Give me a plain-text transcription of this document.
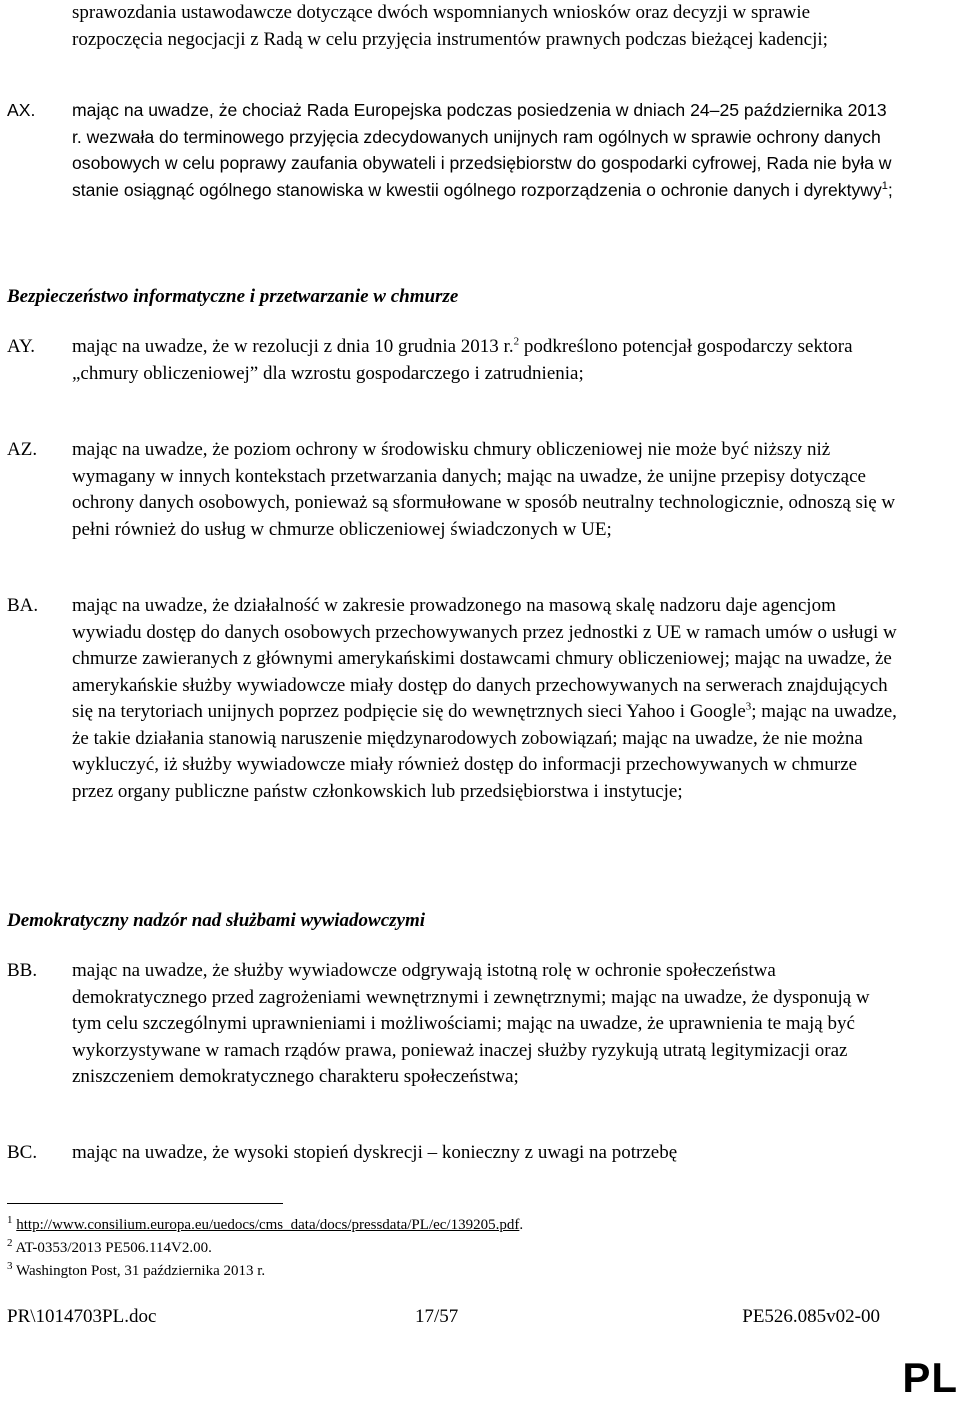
sprawozdania ustawodawcze dotyczące dwóch wspomnianych wniosków oraz decyzji w sprawie rozpoczęcia negocjacji z Radą w celu przyjęcia instrumentów prawnych podczas bieżącej kadencji;
AX. mając na uwadze, że chociaż Rada Europejska podczas posiedzenia w dniach 24–25 października 2013 r. wezwała do terminowego przyjęcia zdecydowanych unijnych ram ogólnych w sprawie ochrony danych osobowych w celu poprawy zaufania obywateli i przedsiębiorstw do gospodarki cyfrowej, Rada nie była w stanie osiągnąć ogólnego stanowiska w kwestii ogólnego rozporządzenia o ochronie danych i dyrektywy$^1$;
Bezpieczeństwo informatyczne i przetwarzanie w chmurze
AY. mając na uwadze, że w rezolucji z dnia 10 grudnia 2013 r.$^2$ podkreślono potencjał gospodarczy sektora „chmury obliczeniowej” dla wzrostu gospodarczego i zatrudnienia;
AZ. mając na uwadze, że poziom ochrony w środowisku chmury obliczeniowej nie może być niższy niż wymagany w innych kontekstach przetwarzania danych; mając na uwadze, że unijne przepisy dotyczące ochrony danych osobowych, ponieważ są sformułowane w sposób neutralny technologicznie, odnoszą się w pełni również do usług w chmurze obliczeniowej świadczonych w UE;
BA. mając na uwadze, że działalność w zakresie prowadzonego na masową skalę nadzoru daje agencjom wywiadu dostęp do danych osobowych przechowywanych przez jednostki z UE w ramach umów o usługi w chmurze zawieranych z głównymi amerykańskimi dostawcami chmury obliczeniowej; mając na uwadze, że amerykańskie służby wywiadowcze miały dostęp do danych przechowywanych na serwerach znajdujących się na terytoriach unijnych poprzez podpięcie się do wewnętrznych sieci Yahoo i Google$^3$; mając na uwadze, że takie działania stanowią naruszenie międzynarodowych zobowiązań; mając na uwadze, że nie można wykluczyć, iż służby wywiadowcze miały również dostęp do informacji przechowywanych w chmurze przez organy publiczne państw członkowskich lub przedsiębiorstwa i instytucje;
Demokratyczny nadzór nad służbami wywiadowczymi
BB. mając na uwadze, że służby wywiadowcze odgrywają istotną rolę w ochronie społeczeństwa demokratycznego przed zagrożeniami wewnętrznymi i zewnętrznymi; mając na uwadze, że dysponują w tym celu szczególnymi uprawnieniami i możliwościami; mając na uwadze, że uprawnienia te mają być wykorzystywane w ramach rządów prawa, ponieważ inaczej służby ryzykują utratą legitymizacji oraz zniszczeniem demokratycznego charakteru społeczeństwa;
BC. mając na uwadze, że wysoki stopień dyskrecji – konieczny z uwagi na potrzebę
$^1$ http://www.consilium.europa.eu/uedocs/cms_data/docs/pressdata/PL/ec/139205.pdf.
$^2$ AT-0353/2013 PE506.114V2.00.
$^3$ Washington Post, 31 października 2013 r.
PR\1014703PL.doc	17/57	PE526.085v02-00
PL
